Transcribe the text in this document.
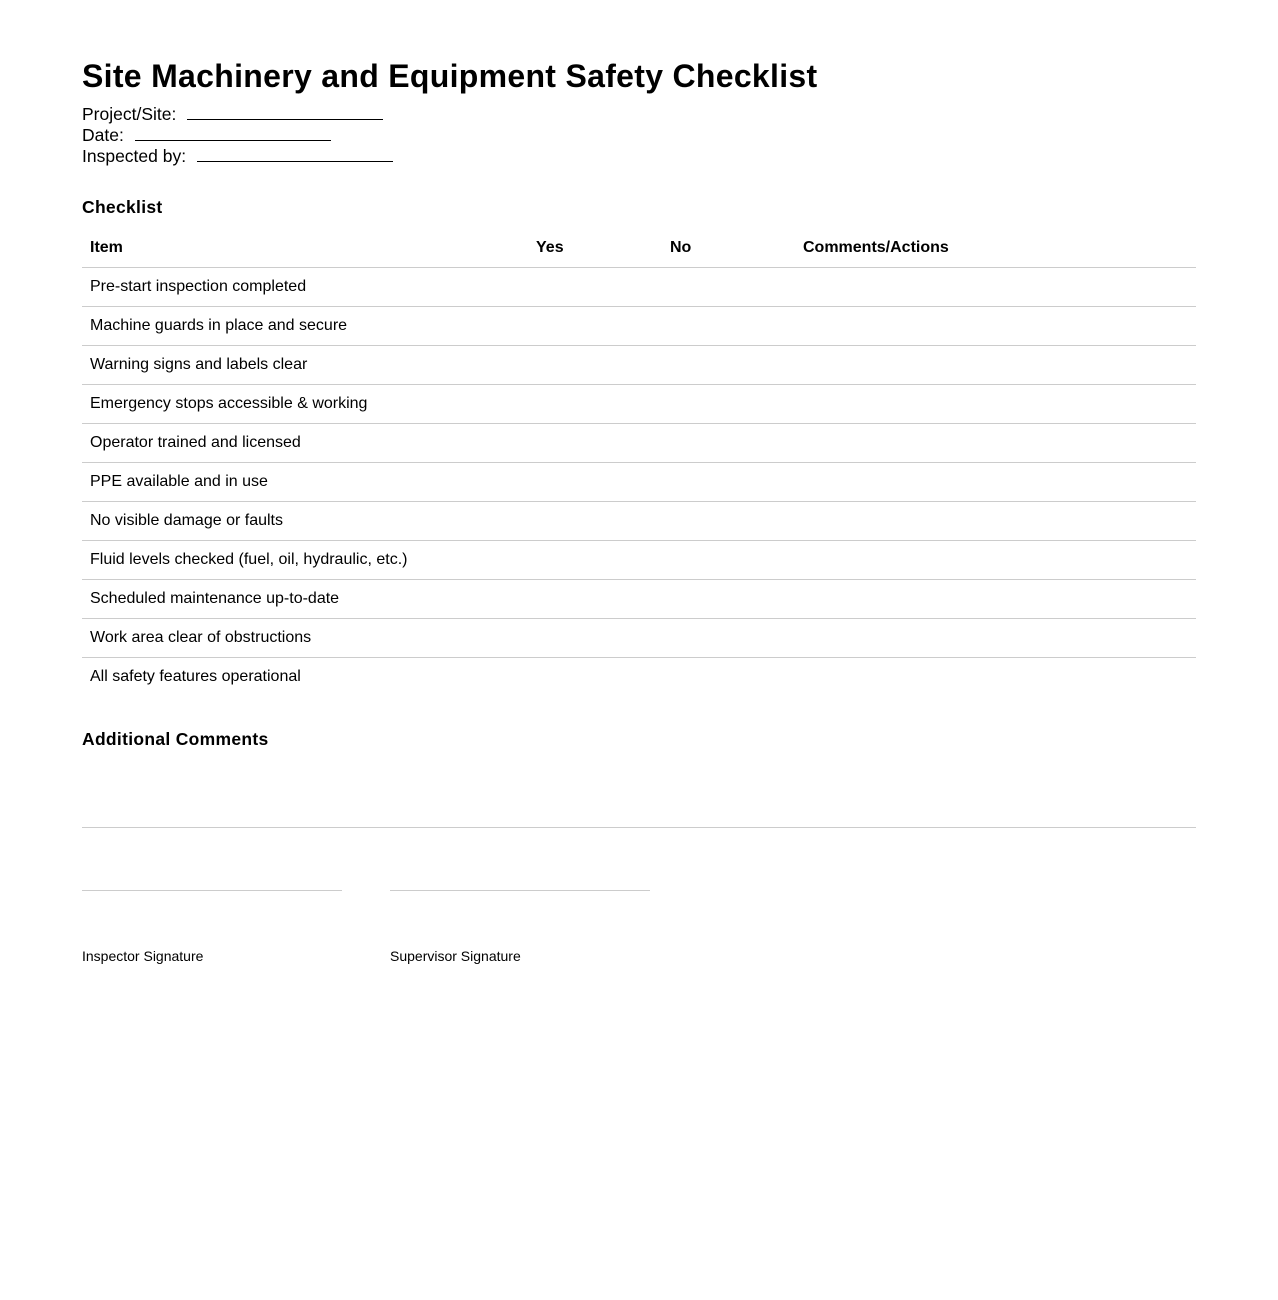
Site Machinery and Equipment Safety Checklist
Project/Site:
Date:
Inspected by:
Checklist
Item	Yes	No	Comments/Actions
Pre-start inspection completed			
Machine guards in place and secure			
Warning signs and labels clear			
Emergency stops accessible & working			
Operator trained and licensed			
PPE available and in use			
No visible damage or faults			
Fluid levels checked (fuel, oil, hydraulic, etc.)			
Scheduled maintenance up-to-date			
Work area clear of obstructions			
All safety features operational			
Additional Comments
Inspector Signature	Supervisor Signature
